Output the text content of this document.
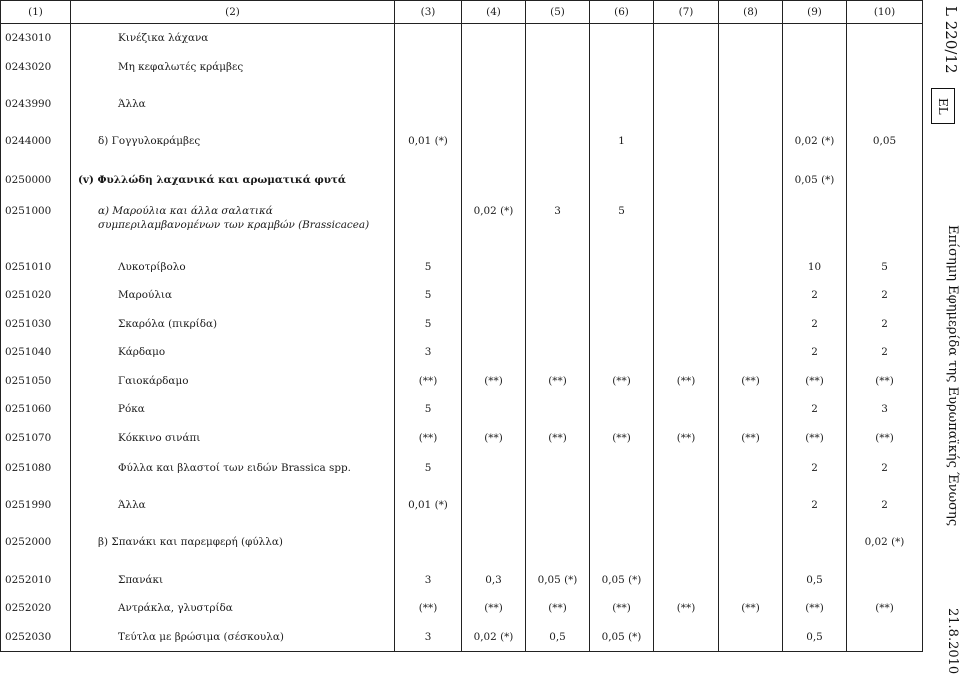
(1)	(2)	(3)	(4)	(5)	(6)	(7)	(8)	(9)	(10)
0243010	Κινέζικα λάχανα								
0243020	Μη κεφαλωτές κράμβες								
0243990	Άλλα								
0244000	δ) Γογγυλοκράμβες	0,01 (*)			1			0,02 (*)	0,05
0250000	(v) Φυλλώδη λαχανικά και αρωματικά φυτά							0,05 (*)	
0251000	α) Μαρούλια και άλλα σαλατικά συμπεριλαμβανομένων των κραμβών (Brassicacea)		0,02 (*)	3	5				
0251010	Λυκοτρίβολο	5						10	5
0251020	Μαρούλια	5						2	2
0251030	Σκαρόλα (πικρίδα)	5						2	2
0251040	Κάρδαμο	3						2	2
0251050	Γαιοκάρδαμο	(**)	(**)	(**)	(**)	(**)	(**)	(**)	(**)
0251060	Ρόκα	5						2	3
0251070	Κόκκινο σινάπι	(**)	(**)	(**)	(**)	(**)	(**)	(**)	(**)
0251080	Φύλλα και βλαστοί των ειδών Brassica spp.	5						2	2
0251990	Άλλα	0,01 (*)						2	2
0252000	β) Σπανάκι και παρεμφερή (φύλλα)								0,02 (*)
0252010	Σπανάκι	3	0,3	0,05 (*)	0,05 (*)			0,5	
0252020	Αντράκλα, γλυστρίδα	(**)	(**)	(**)	(**)	(**)	(**)	(**)	(**)
0252030	Τεύτλα με βρώσιμα (σέσκουλα)	3	0,02 (*)	0,5	0,05 (*)			0,5	
L 220/12
EL
Επίσημη Εφημερίδα της Ευρωπαϊκής Ένωσης
21.8.2010
